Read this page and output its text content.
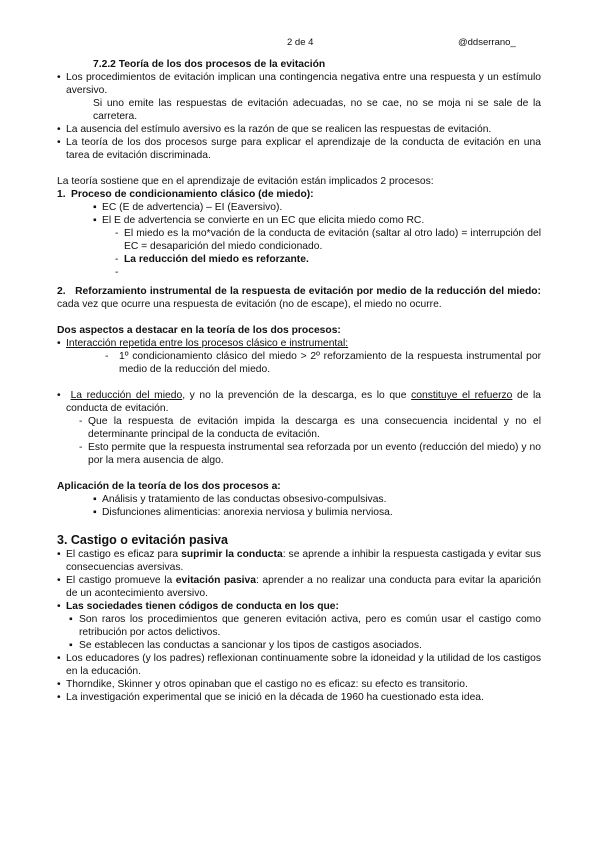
2 de 4	@ddserrano_

7.2.2 Teoría de los dos procesos de la evitación

• Los procedimientos de evitación implican una contingencia negativa entre una respuesta y un estímulo aversivo.

Si uno emite las respuestas de evitación adecuadas, no se cae, no se moja ni se sale de la carretera.

• La ausencia del estímulo aversivo es la razón de que se realicen las respuestas de evitación.
• La teoría de los dos procesos surge para explicar el aprendizaje de la conducta de evitación en una tarea de evitación discriminada.

La teoría sostiene que en el aprendizaje de evitación están implicados 2 procesos:

1. Proceso de condicionamiento clásico (de miedo):
▪ EC (E de advertencia) – EI (Eaversivo).
▪ El E de advertencia se convierte en un EC que elicita miedo como RC.
- El miedo es la mo*vación de la conducta de evitación (saltar al otro lado) = interrupción del EC = desaparición del miedo condicionado.
- La reducción del miedo es reforzante.
-

2. Reforzamiento instrumental de la respuesta de evitación por medio de la reducción del miedo: cada vez que ocurre una respuesta de evitación (no de escape), el miedo no ocurre.

Dos aspectos a destacar en la teoría de los dos procesos:

• Interacción repetida entre los procesos clásico e instrumental:
-	1º condicionamiento clásico del miedo > 2º reforzamiento de la respuesta instrumental por medio de la reducción del miedo.
• La reducción del miedo, y no la prevención de la descarga, es lo que constituye el refuerzo de la conducta de evitación.
- Que la respuesta de evitación impida la descarga es una consecuencia incidental y no el determinante principal de la conducta de evitación.
- Esto permite que la respuesta instrumental sea reforzada por un evento (reducción del miedo) y no por la mera ausencia de algo.

Aplicación de la teoría de los dos procesos a:

▪ Análisis y tratamiento de las conductas obsesivo-compulsivas.
▪ Disfunciones alimenticias: anorexia nerviosa y bulimia nerviosa.

3. Castigo o evitación pasiva

• El castigo es eficaz para suprimir la conducta: se aprende a inhibir la respuesta castigada y evitar sus consecuencias aversivas.
• El castigo promueve la evitación pasiva: aprender a no realizar una conducta para evitar la aparición de un acontecimiento aversivo.
• Las sociedades tienen códigos de conducta en los que:
▪ Son raros los procedimientos que generen evitación activa, pero es común usar el castigo como retribución por actos delictivos.
▪ Se establecen las conductas a sancionar y los tipos de castigos asociados.
• Los educadores (y los padres) reflexionan continuamente sobre la idoneidad y la utilidad de los castigos en la educación.
• Thorndike, Skinner y otros opinaban que el castigo no es eficaz: su efecto es transitorio.
• La investigación experimental que se inició en la década de 1960 ha cuestionado esta idea.
